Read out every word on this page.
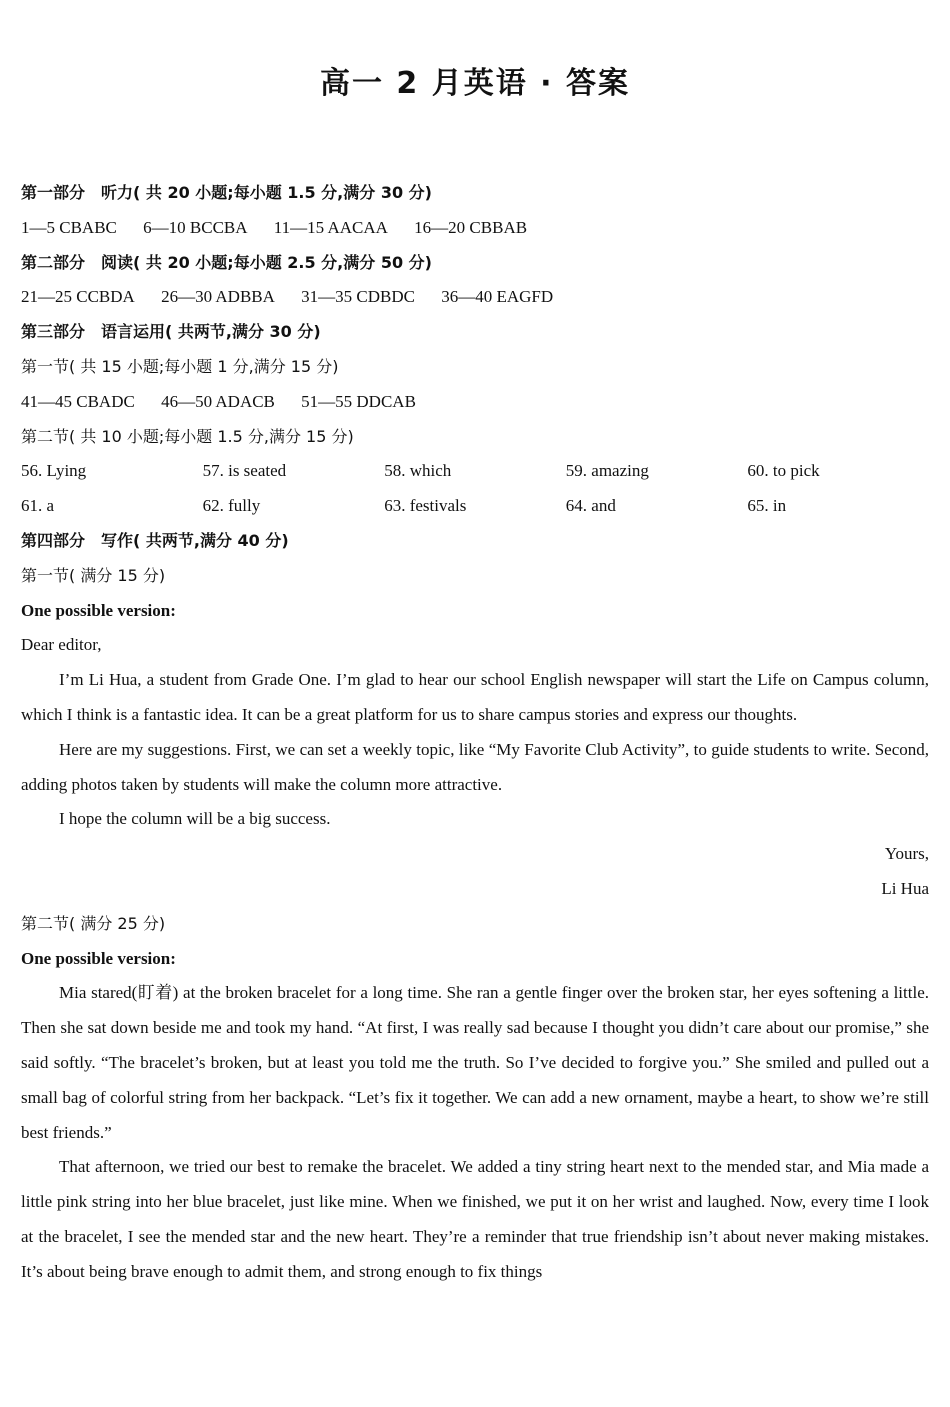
高一 2 月英语 · 答案
第一部分　听力( 共 20 小题;每小题 1.5 分,满分 30 分)
1—5 CBABC 6—10 BCCBA 11—15 AACAA 16—20 CBBAB
第二部分　阅读( 共 20 小题;每小题 2.5 分,满分 50 分)
21—25 CCBDA 26—30 ADBBA 31—35 CDBDC 36—40 EAGFD
第三部分　语言运用( 共两节,满分 30 分)
第一节( 共 15 小题;每小题 1 分,满分 15 分)
41—45 CBADC 46—50 ADACB 51—55 DDCAB
第二节( 共 10 小题;每小题 1.5 分,满分 15 分)
56. Lying	57. is seated	58. which	59. amazing	60. to pick
61. a	62. fully	63. festivals	64. and	65. in
第四部分　写作( 共两节,满分 40 分)
第一节( 满分 15 分)
One possible version:
Dear editor,
I’m Li Hua, a student from Grade One. I’m glad to hear our school English newspaper will start the Life on Campus column, which I think is a fantastic idea. It can be a great platform for us to share campus stories and express our thoughts.
Here are my suggestions. First, we can set a weekly topic, like “My Favorite Club Activity”, to guide students to write. Second, adding photos taken by students will make the column more attractive.
I hope the column will be a big success.
Yours,
Li Hua
第二节( 满分 25 分)
One possible version:
Mia stared(盯着) at the broken bracelet for a long time. She ran a gentle finger over the broken star, her eyes softening a little. Then she sat down beside me and took my hand. “At first, I was really sad because I thought you didn’t care about our promise,” she said softly. “The bracelet’s broken, but at least you told me the truth. So I’ve decided to forgive you.” She smiled and pulled out a small bag of colorful string from her backpack. “Let’s fix it together. We can add a new ornament, maybe a heart, to show we’re still best friends.”
That afternoon, we tried our best to remake the bracelet. We added a tiny string heart next to the mended star, and Mia made a little pink string into her blue bracelet, just like mine. When we finished, we put it on her wrist and laughed. Now, every time I look at the bracelet, I see the mended star and the new heart. They’re a reminder that true friendship isn’t about never making mistakes. It’s about being brave enough to admit them, and strong enough to fix things
